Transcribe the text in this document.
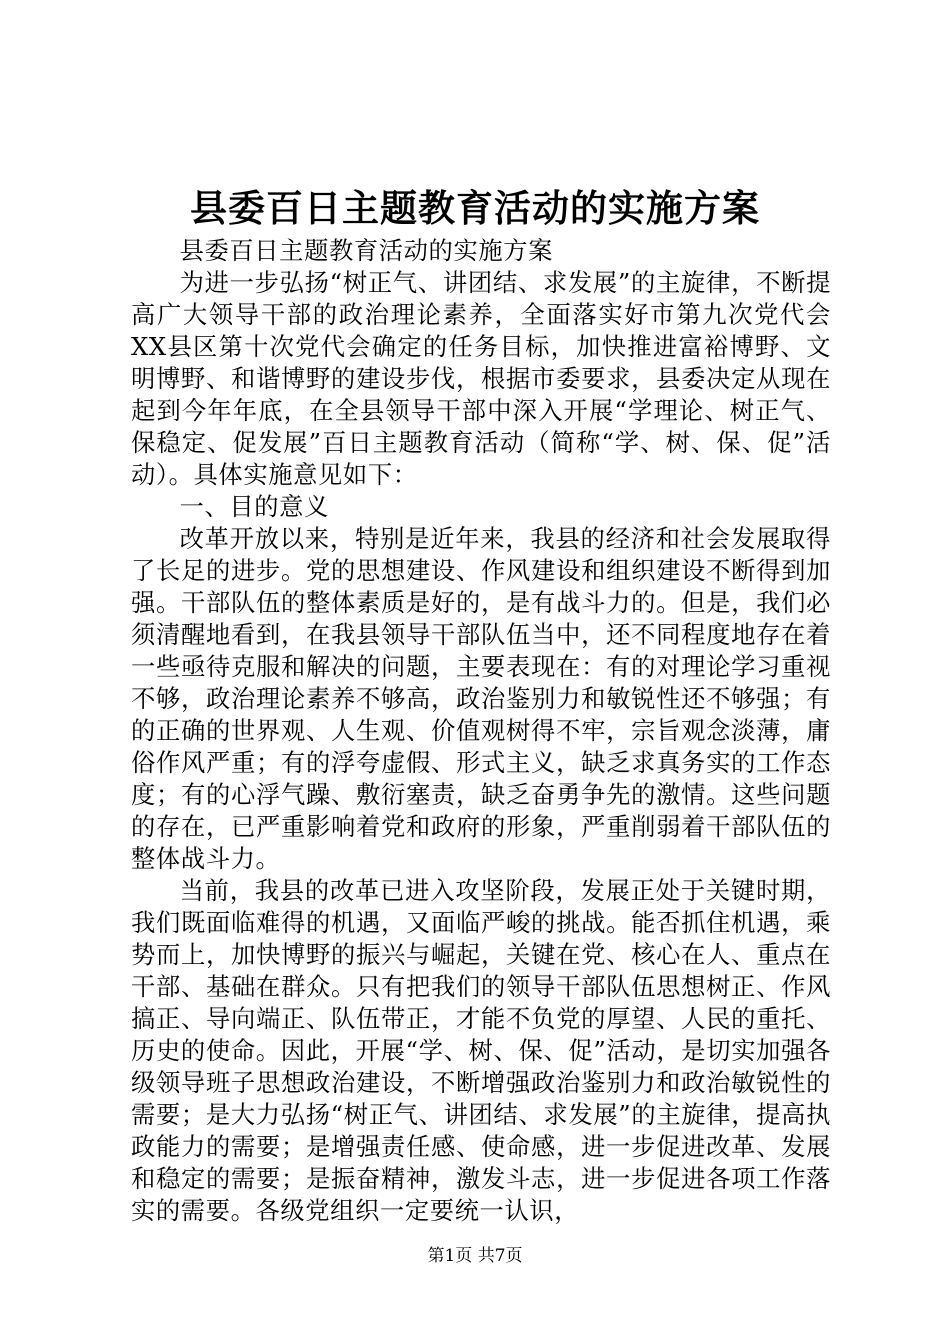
县委百日主题教育活动的实施方案

县委百日主题教育活动的实施方案

为进一步弘扬“树正气、讲团结、求发展”的主旋律，不断提高广大领导干部的政治理论素养，全面落实好市第九次党代会XX县区第十次党代会确定的任务目标，加快推进富裕博野、文明博野、和谐博野的建设步伐，根据市委要求，县委决定从现在起到今年年底，在全县领导干部中深入开展“学理论、树正气、保稳定、促发展”百日主题教育活动（简称“学、树、保、促”活动）。具体实施意见如下：

一、目的意义

改革开放以来，特别是近年来，我县的经济和社会发展取得了长足的进步。党的思想建设、作风建设和组织建设不断得到加强。干部队伍的整体素质是好的，是有战斗力的。但是，我们必须清醒地看到，在我县领导干部队伍当中，还不同程度地存在着一些亟待克服和解决的问题，主要表现在：有的对理论学习重视不够，政治理论素养不够高，政治鉴别力和敏锐性还不够强；有的正确的世界观、人生观、价值观树得不牢，宗旨观念淡薄，庸俗作风严重；有的浮夸虚假、形式主义，缺乏求真务实的工作态度；有的心浮气躁、敷衍塞责，缺乏奋勇争先的激情。这些问题的存在，已严重影响着党和政府的形象，严重削弱着干部队伍的整体战斗力。

当前，我县的改革已进入攻坚阶段，发展正处于关键时期，我们既面临难得的机遇，又面临严峻的挑战。能否抓住机遇，乘势而上，加快博野的振兴与崛起，关键在党、核心在人、重点在干部、基础在群众。只有把我们的领导干部队伍思想树正、作风搞正、导向端正、队伍带正，才能不负党的厚望、人民的重托、历史的使命。因此，开展“学、树、保、促”活动，是切实加强各级领导班子思想政治建设，不断增强政治鉴别力和政治敏锐性的需要；是大力弘扬“树正气、讲团结、求发展”的主旋律，提高执政能力的需要；是增强责任感、使命感，进一步促进改革、发展和稳定的需要；是振奋精神，激发斗志，进一步促进各项工作落实的需要。各级党组织一定要统一认识，

第1页 共7页
